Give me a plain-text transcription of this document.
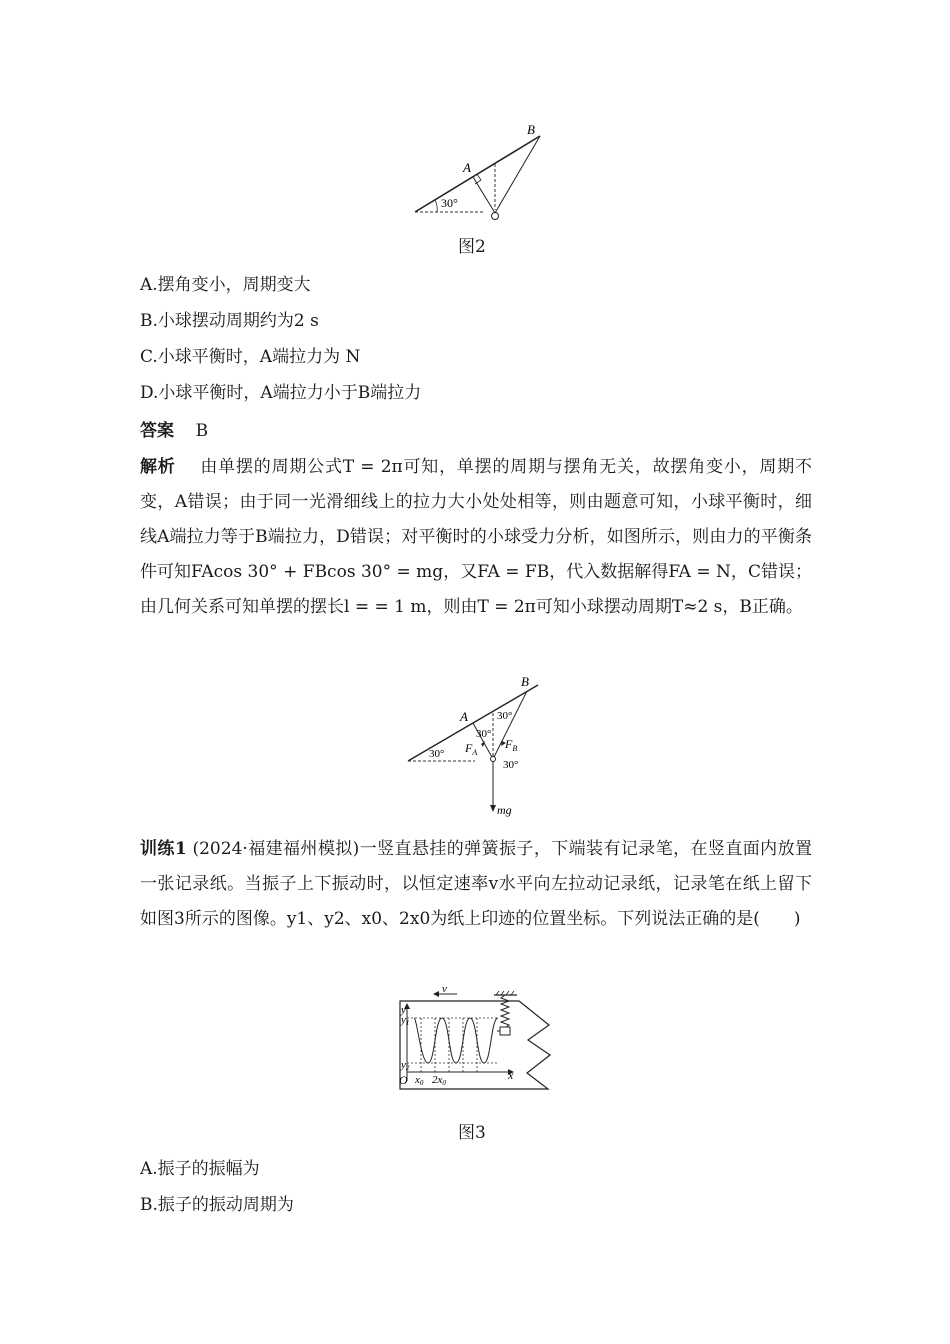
B
A
30°
图2
A.摆角变小，周期变大
B.小球摆动周期约为2 s
C.小球平衡时，A端拉力为 N
D.小球平衡时，A端拉力小于B端拉力
答案 B
解析 由单摆的周期公式T = 2π可知，单摆的周期与摆角无关，故摆角变小，周期不变，A错误；由于同一光滑细线上的拉力大小处处相等，则由题意可知，小球平衡时，细线A端拉力等于B端拉力，D错误；对平衡时的小球受力分析，如图所示，则由力的平衡条件可知FAcos 30° + FBcos 30° = mg，又FA = FB，代入数据解得FA = N，C错误；由几何关系可知单摆的摆长l = = 1 m，则由T = 2π可知小球摆动周期T≈2 s，B正确。
B
A	30°
30°
30°
30°
$F_A$
$F_B$
mg
训练1 (2024·福建福州模拟)一竖直悬挂的弹簧振子，下端装有记录笔，在竖直面内放置一张记录纸。当振子上下振动时，以恒定速率v水平向左拉动记录纸，记录笔在纸上留下如图3所示的图像。y1、y2、x0、2x0为纸上印迹的位置坐标。下列说法正确的是(　　)
v
y
y1
y2
O	x
x0 2x0
图3
A.振子的振幅为
B.振子的振动周期为
